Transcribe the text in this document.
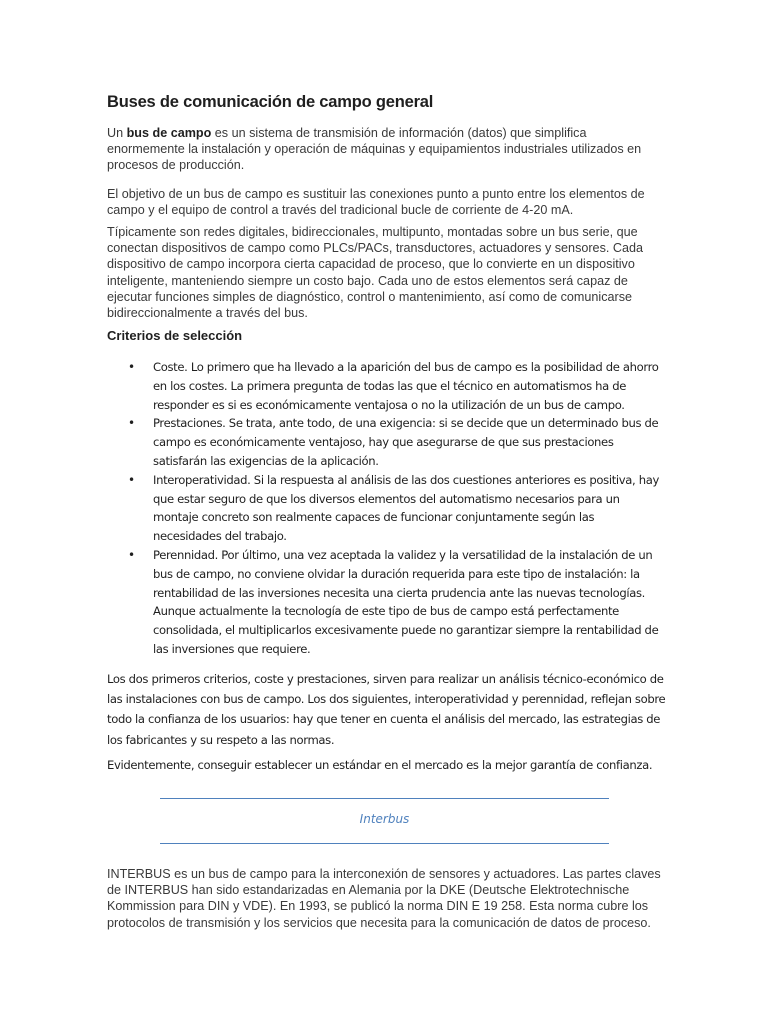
Buses de comunicación de campo general

Un bus de campo es un sistema de transmisión de información (datos) que simplifica enormemente la instalación y operación de máquinas y equipamientos industriales utilizados en procesos de producción.

El objetivo de un bus de campo es sustituir las conexiones punto a punto entre los elementos de campo y el equipo de control a través del tradicional bucle de corriente de 4-20 mA.

Típicamente son redes digitales, bidireccionales, multipunto, montadas sobre un bus serie, que conectan dispositivos de campo como PLCs/PACs, transductores, actuadores y sensores. Cada dispositivo de campo incorpora cierta capacidad de proceso, que lo convierte en un dispositivo inteligente, manteniendo siempre un costo bajo. Cada uno de estos elementos será capaz de ejecutar funciones simples de diagnóstico, control o mantenimiento, así como de comunicarse bidireccionalmente a través del bus.

Criterios de selección
• Coste. Lo primero que ha llevado a la aparición del bus de campo es la posibilidad de ahorro en los costes. La primera pregunta de todas las que el técnico en automatismos ha de responder es si es económicamente ventajosa o no la utilización de un bus de campo.
• Prestaciones. Se trata, ante todo, de una exigencia: si se decide que un determinado bus de campo es económicamente ventajoso, hay que asegurarse de que sus prestaciones satisfarán las exigencias de la aplicación.
• Interoperatividad. Si la respuesta al análisis de las dos cuestiones anteriores es positiva, hay que estar seguro de que los diversos elementos del automatismo necesarios para un montaje concreto son realmente capaces de funcionar conjuntamente según las necesidades del trabajo.
• Perennidad. Por último, una vez aceptada la validez y la versatilidad de la instalación de un bus de campo, no conviene olvidar la duración requerida para este tipo de instalación: la rentabilidad de las inversiones necesita una cierta prudencia ante las nuevas tecnologías. Aunque actualmente la tecnología de este tipo de bus de campo está perfectamente consolidada, el multiplicarlos excesivamente puede no garantizar siempre la rentabilidad de las inversiones que requiere.

Los dos primeros criterios, coste y prestaciones, sirven para realizar un análisis técnico-económico de las instalaciones con bus de campo. Los dos siguientes, interoperatividad y perennidad, reflejan sobre todo la confianza de los usuarios: hay que tener en cuenta el análisis del mercado, las estrategias de los fabricantes y su respeto a las normas.

Evidentemente, conseguir establecer un estándar en el mercado es la mejor garantía de confianza.

Interbus

INTERBUS es un bus de campo para la interconexión de sensores y actuadores. Las partes claves de INTERBUS han sido estandarizadas en Alemania por la DKE (Deutsche Elektrotechnische Kommission para DIN y VDE). En 1993, se publicó la norma DIN E 19 258. Esta norma cubre los protocolos de transmisión y los servicios que necesita para la comunicación de datos de proceso.
